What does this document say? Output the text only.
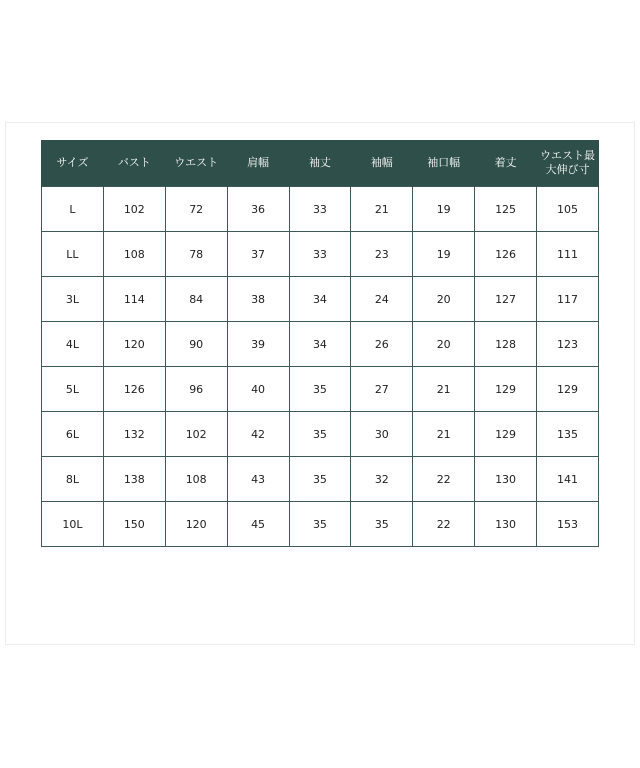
サイズ	バスト	ウエスト	肩幅	袖丈	袖幅	袖口幅	着丈	ウエスト最
大伸び寸
L	102	72	36	33	21	19	125	105
LL	108	78	37	33	23	19	126	111
3L	114	84	38	34	24	20	127	117
4L	120	90	39	34	26	20	128	123
5L	126	96	40	35	27	21	129	129
6L	132	102	42	35	30	21	129	135
8L	138	108	43	35	32	22	130	141
10L	150	120	45	35	35	22	130	153
